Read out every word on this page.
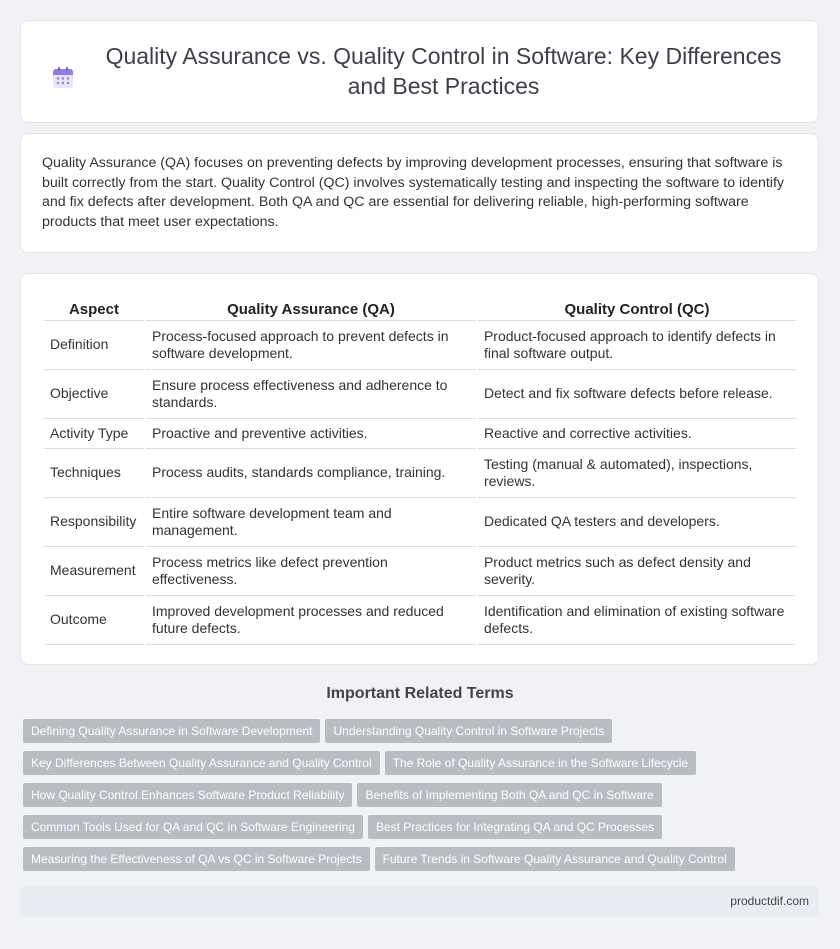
Quality Assurance vs. Quality Control in Software: Key Differences and Best Practices

Quality Assurance (QA) focuses on preventing defects by improving development processes, ensuring that software is built correctly from the start. Quality Control (QC) involves systematically testing and inspecting the software to identify and fix defects after development. Both QA and QC are essential for delivering reliable, high-performing software products that meet user expectations.

Aspect	Quality Assurance (QA)	Quality Control (QC)
Definition	Process-focused approach to prevent defects in software development.	Product-focused approach to identify defects in final software output.
Objective	Ensure process effectiveness and adherence to standards.	Detect and fix software defects before release.
Activity Type	Proactive and preventive activities.	Reactive and corrective activities.
Techniques	Process audits, standards compliance, training.	Testing (manual & automated), inspections, reviews.
Responsibility	Entire software development team and management.	Dedicated QA testers and developers.
Measurement	Process metrics like defect prevention effectiveness.	Product metrics such as defect density and severity.
Outcome	Improved development processes and reduced future defects.	Identification and elimination of existing software defects.
Important Related Terms
Defining Quality Assurance in Software Development Understanding Quality Control in Software Projects
Key Differences Between Quality Assurance and Quality Control The Role of Quality Assurance in the Software Lifecycle
How Quality Control Enhances Software Product Reliability Benefits of Implementing Both QA and QC in Software
Common Tools Used for QA and QC in Software Engineering Best Practices for Integrating QA and QC Processes
Measuring the Effectiveness of QA vs QC in Software Projects Future Trends in Software Quality Assurance and Quality Control
productdif.com
